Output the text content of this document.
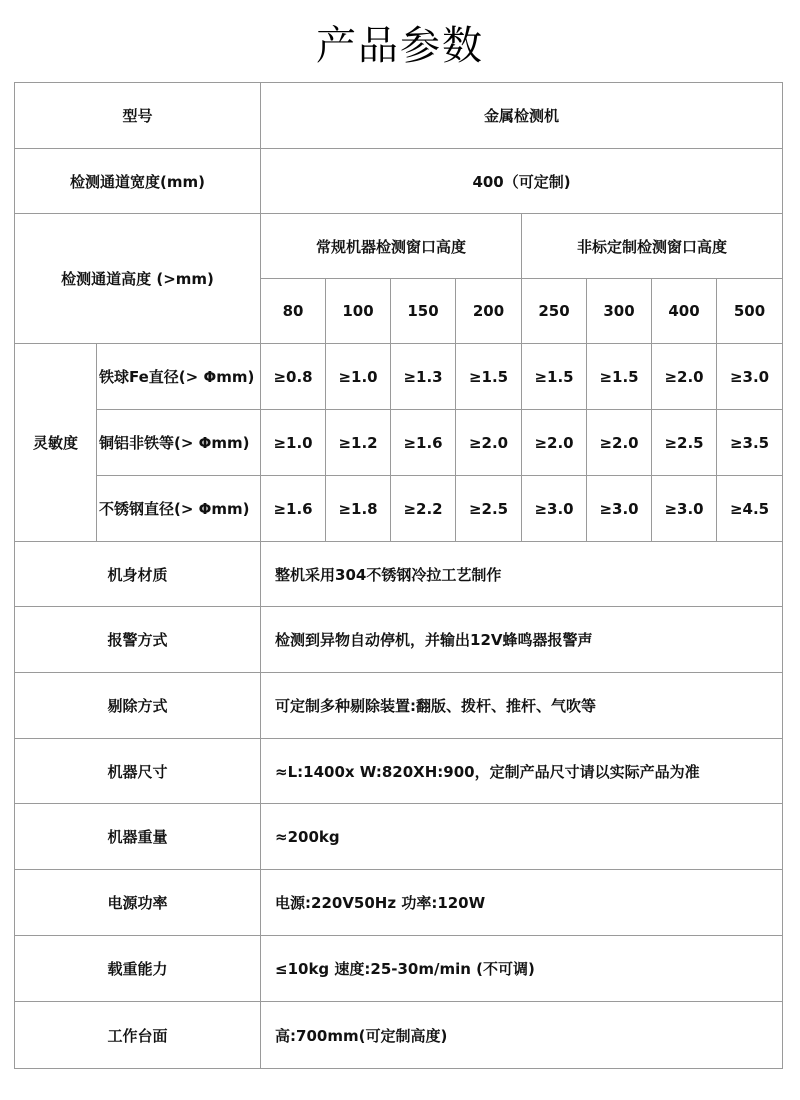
产品参数
型号		金属检测机							
检测通道宽度(mm)		400（可定制)							
检测通道高度 (>mm)		常规机器检测窗口高度				非标定制检测窗口高度			
		80	100	150	200	250	300	400	500
灵敏度	铁球Fe直径(> Φmm)	≥0.8	≥1.0	≥1.3	≥1.5	≥1.5	≥1.5	≥2.0	≥3.0
	铜铝非铁等(> Φmm)	≥1.0	≥1.2	≥1.6	≥2.0	≥2.0	≥2.0	≥2.5	≥3.5
	不锈钢直径(> Φmm)	≥1.6	≥1.8	≥2.2	≥2.5	≥3.0	≥3.0	≥3.0	≥4.5
机身材质		整机采用304不锈钢冷拉工艺制作							
报警方式		检测到异物自动停机，并输出12V蜂鸣器报警声							
剔除方式		可定制多种剔除装置:翻版、拨杆、推杆、气吹等							
机器尺寸		≈L:1400x W:820XH:900，定制产品尺寸请以实际产品为准							
机器重量		≈200kg							
电源功率		电源:220V50Hz 功率:120W							
载重能力		≤10kg 速度:25-30m/min (不可调)							
工作台面		高:700mm(可定制高度)							
